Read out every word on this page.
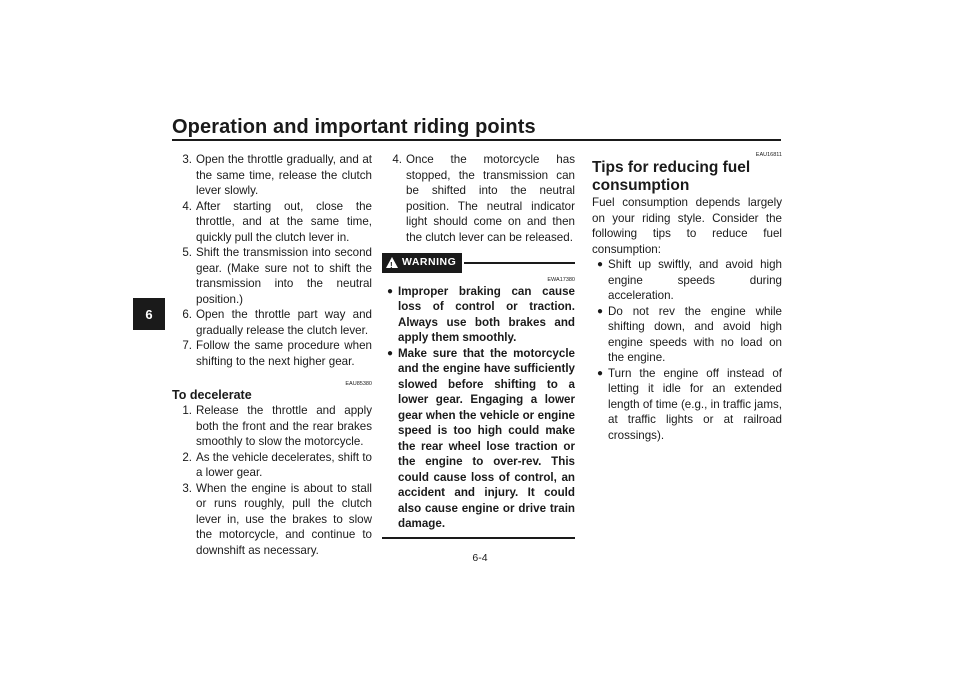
Operation and important riding points
6
3. Open the throttle gradually, and at the same time, release the clutch lever slowly.
4. After starting out, close the throttle, and at the same time, quickly pull the clutch lever in.
5. Shift the transmission into second gear. (Make sure not to shift the transmission into the neutral position.)
6. Open the throttle part way and gradually release the clutch lever.
7. Follow the same procedure when shifting to the next higher gear.
EAU85380
To decelerate
1. Release the throttle and apply both the front and the rear brakes smoothly to slow the motorcycle.
2. As the vehicle decelerates, shift to a lower gear.
3. When the engine is about to stall or runs roughly, pull the clutch lever in, use the brakes to slow the motorcycle, and continue to downshift as necessary.
4. Once the motorcycle has stopped, the transmission can be shifted into the neutral position. The neutral indicator light should come on and then the clutch lever can be released.
! WARNING
EWA17380
● Improper braking can cause loss of control or traction. Always use both brakes and apply them smoothly.
● Make sure that the motorcycle and the engine have sufficiently slowed before shifting to a lower gear. Engaging a lower gear when the vehicle or engine speed is too high could make the rear wheel lose traction or the engine to over-rev. This could cause loss of control, an accident and injury. It could also cause engine or drive train damage.
EAU16811
Tips for reducing fuel consumption
Fuel consumption depends largely on your riding style. Consider the following tips to reduce fuel consumption:
● Shift up swiftly, and avoid high engine speeds during acceleration.
● Do not rev the engine while shifting down, and avoid high engine speeds with no load on the engine.
● Turn the engine off instead of letting it idle for an extended length of time (e.g., in traffic jams, at traffic lights or at railroad crossings).
6-4
